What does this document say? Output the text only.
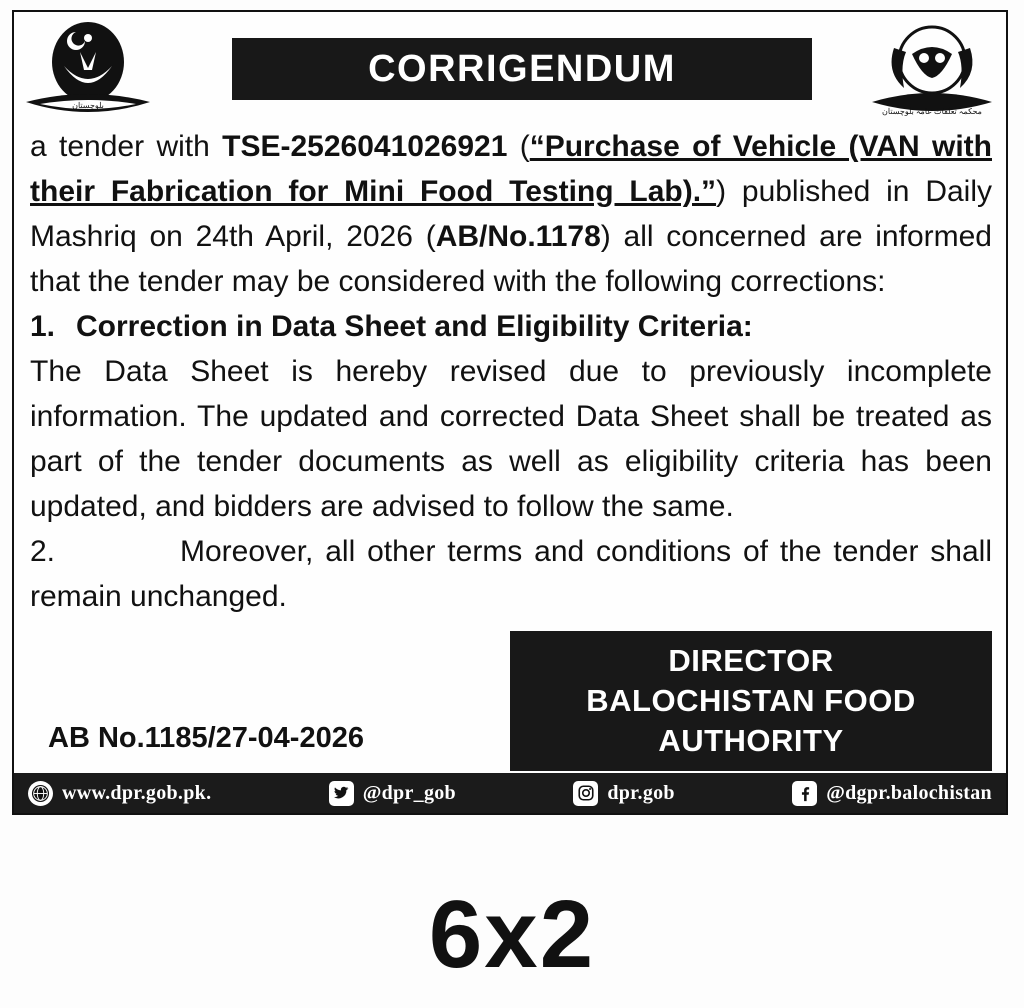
بلوچستان
CORRIGENDUM
محکمہ تعلقات عامہ بلوچستان

a tender with TSE-2526041026921 (“Purchase of Vehicle (VAN with their Fabrication for Mini Food Testing Lab).”) published in Daily Mashriq on 24th April, 2026 (AB/No.1178) all concerned are informed that the tender may be considered with the following corrections:

1. Correction in Data Sheet and Eligibility Criteria:

The Data Sheet is hereby revised due to previously incomplete information. The updated and corrected Data Sheet shall be treated as part of the tender documents as well as eligibility criteria has been updated, and bidders are advised to follow the same.

2.	Moreover, all other terms and conditions of the tender shall remain unchanged.

AB No.1185/27-04-2026
DIRECTOR
BALOCHISTAN FOOD
AUTHORITY
www.dpr.gob.pk.	@dpr_gob	dpr.gob	@dgpr.balochistan
6x2
